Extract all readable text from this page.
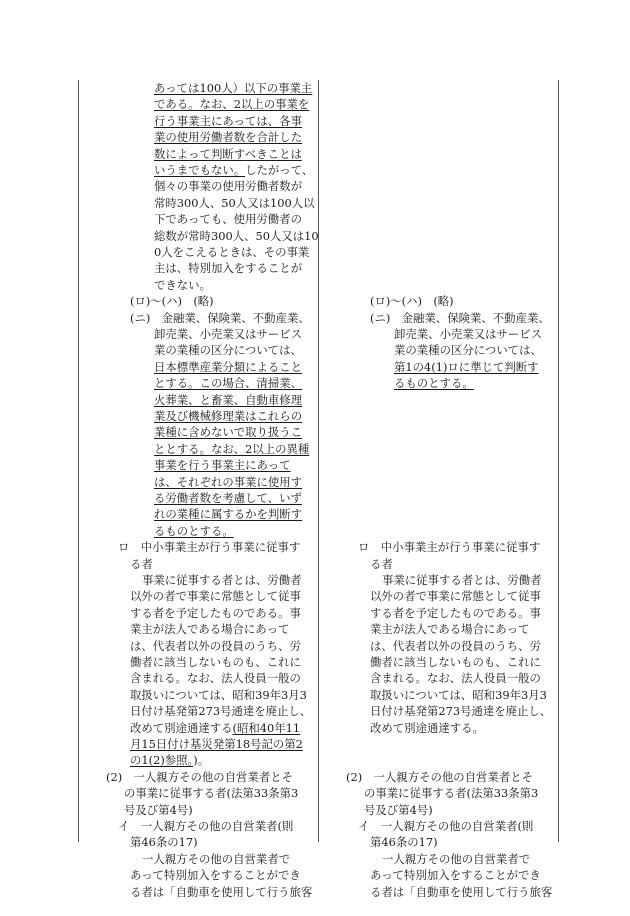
あっては100人）以下の事業主

である。なお、2以上の事業を

行う事業主にあっては、各事

業の使用労働者数を合計した

数によって判断すべきことは

いうまでもない。したがって、

個々の事業の使用労働者数が

常時300人、50人又は100人以

下であっても、使用労働者の

総数が常時300人、50人又は10

0人をこえるときは、その事業

主は、特別加入をすることが

できない。

(ロ)～(ハ)　(略)

(ニ)　金融業、保険業、不動産業、

卸売業、小売業又はサービス

業の業種の区分については、

日本標準産業分類によること

とする。この場合、清掃業、

火葬業、と畜業、自動車修理

業及び機械修理業はこれらの

業種に含めないで取り扱うこ

ととする。なお、2以上の異種

事業を行う事業主にあって

は、それぞれの事業に使用す

る労働者数を考慮して、いず

れの業種に属するかを判断す

るものとする。

ロ　中小事業主が行う事業に従事す

る者

事業に従事する者とは、労働者

以外の者で事業に常態として従事

する者を予定したものである。事

業主が法人である場合にあって

は、代表者以外の役員のうち、労

働者に該当しないものも、これに

含まれる。なお、法人役員一般の

取扱いについては、昭和39年3月3

日付け基発第273号通達を廃止し、

改めて別途通達する(昭和40年11

月15日付け基災発第18号記の第2

の1(2)参照。)。

(2)　一人親方その他の自営業者とそ

の事業に従事する者(法第33条第3

号及び第4号)

イ　一人親方その他の自営業者(則

第46条の17)

一人親方その他の自営業者で

あって特別加入をすることができ

る者は「自動車を使用して行う旅客

(ロ)～(ハ)　(略)

(ニ)　金融業、保険業、不動産業、

卸売業、小売業又はサービス

業の業種の区分については、

第1の4(1)ロに準じて判断す

るものとする。

ロ　中小事業主が行う事業に従事す

る者

事業に従事する者とは、労働者

以外の者で事業に常態として従事

する者を予定したものである。事

業主が法人である場合にあって

は、代表者以外の役員のうち、労

働者に該当しないものも、これに

含まれる。なお、法人役員一般の

取扱いについては、昭和39年3月3

日付け基発第273号通達を廃止し、

改めて別途通達する。

(2)　一人親方その他の自営業者とそ

の事業に従事する者(法第33条第3

号及び第4号)

イ　一人親方その他の自営業者(則

第46条の17)

一人親方その他の自営業者で

あって特別加入をすることができ

る者は「自動車を使用して行う旅客
